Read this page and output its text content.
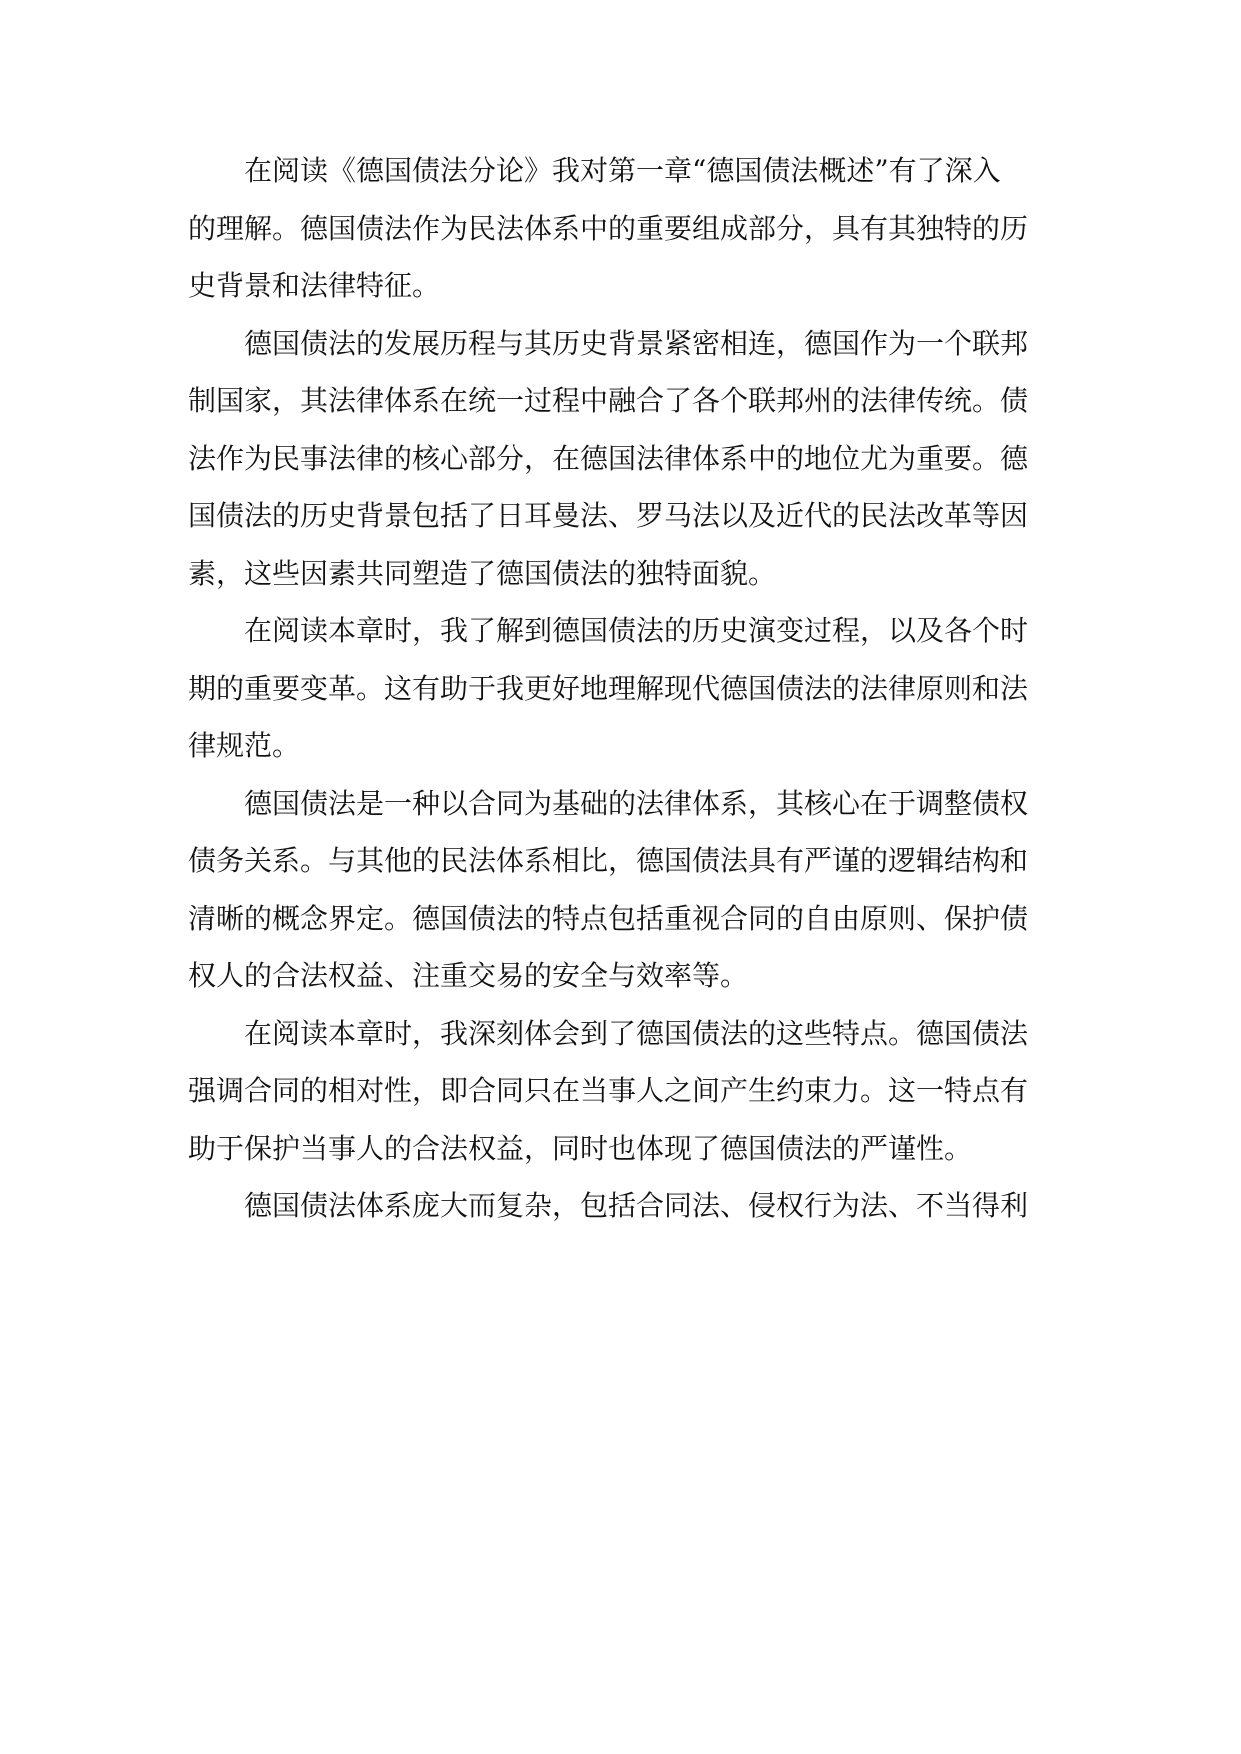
　　在阅读《德国债法分论》我对第一章“德国债法概述”有了深入
的理解。德国债法作为民法体系中的重要组成部分，具有其独特的历
史背景和法律特征。

　　德国债法的发展历程与其历史背景紧密相连，德国作为一个联邦
制国家，其法律体系在统一过程中融合了各个联邦州的法律传统。债
法作为民事法律的核心部分，在德国法律体系中的地位尤为重要。德
国债法的历史背景包括了日耳曼法、罗马法以及近代的民法改革等因
素，这些因素共同塑造了德国债法的独特面貌。

　　在阅读本章时，我了解到德国债法的历史演变过程，以及各个时
期的重要变革。这有助于我更好地理解现代德国债法的法律原则和法
律规范。

　　德国债法是一种以合同为基础的法律体系，其核心在于调整债权
债务关系。与其他的民法体系相比，德国债法具有严谨的逻辑结构和
清晰的概念界定。德国债法的特点包括重视合同的自由原则、保护债
权人的合法权益、注重交易的安全与效率等。

　　在阅读本章时，我深刻体会到了德国债法的这些特点。德国债法
强调合同的相对性，即合同只在当事人之间产生约束力。这一特点有
助于保护当事人的合法权益，同时也体现了德国债法的严谨性。

　　德国债法体系庞大而复杂，包括合同法、侵权行为法、不当得利
